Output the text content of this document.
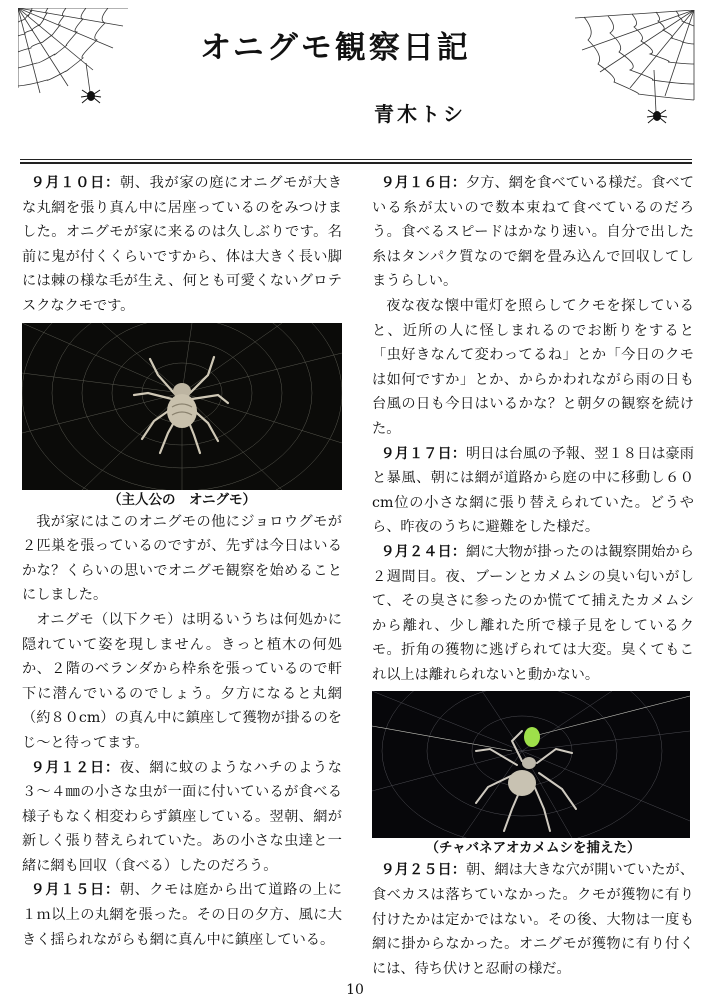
オニグモ観察日記
青木トシ

９月１０日：朝、我が家の庭にオニグモが大きな丸網を張り真ん中に居座っているのをみつけました。オニグモが家に来るのは久しぶりです。名前に鬼が付くくらいですから、体は大きく長い脚には棘の様な毛が生え、何とも可愛くないグロテスクなクモです。

（主人公の　オニグモ）

我が家にはこのオニグモの他にジョロウグモが２匹巣を張っているのですが、先ずは今日はいるかな？くらいの思いでオニグモ観察を始めることにしました。

オニグモ（以下クモ）は明るいうちは何処かに隠れていて姿を現しません。きっと植木の何処か、２階のベランダから枠糸を張っているので軒下に潜んでいるのでしょう。夕方になると丸網（約８０cm）の真ん中に鎮座して獲物が掛るのをじ～と待ってます。

９月１２日：夜、網に蚊のようなハチのような３～４㎜の小さな虫が一面に付いているが食べる様子もなく相変わらず鎮座している。翌朝、網が新しく張り替えられていた。あの小さな虫達と一緒に網も回収（食べる）したのだろう。

９月１５日：朝、クモは庭から出て道路の上に１ｍ以上の丸網を張った。その日の夕方、風に大きく揺られながらも網に真ん中に鎮座している。

９月１６日：夕方、網を食べている様だ。食べている糸が太いので数本束ねて食べているのだろう。食べるスピードはかなり速い。自分で出した糸はタンパク質なので網を畳み込んで回収してしまうらしい。

夜な夜な懐中電灯を照らしてクモを探していると、近所の人に怪しまれるのでお断りをすると「虫好きなんて変わってるね」とか「今日のクモは如何ですか」とか、からかわれながら雨の日も台風の日も今日はいるかな？と朝夕の観察を続けた。

９月１７日：明日は台風の予報、翌１８日は豪雨と暴風、朝には網が道路から庭の中に移動し６０cm位の小さな網に張り替えられていた。どうやら、昨夜のうちに避難をした様だ。

９月２４日：網に大物が掛ったのは観察開始から２週間目。夜、ブーンとカメムシの臭い匂いがして、その臭さに参ったのか慌てて捕えたカメムシから離れ、少し離れた所で様子見をしているクモ。折角の獲物に逃げられては大変。臭くてもこれ以上は離れられないと動かない。

（チャバネアオカメムシを捕えた）

９月２５日：朝、網は大きな穴が開いていたが、食べカスは落ちていなかった。クモが獲物に有り付けたかは定かではない。その後、大物は一度も網に掛からなかった。オニグモが獲物に有り付くには、待ち伏けと忍耐の様だ。

10
